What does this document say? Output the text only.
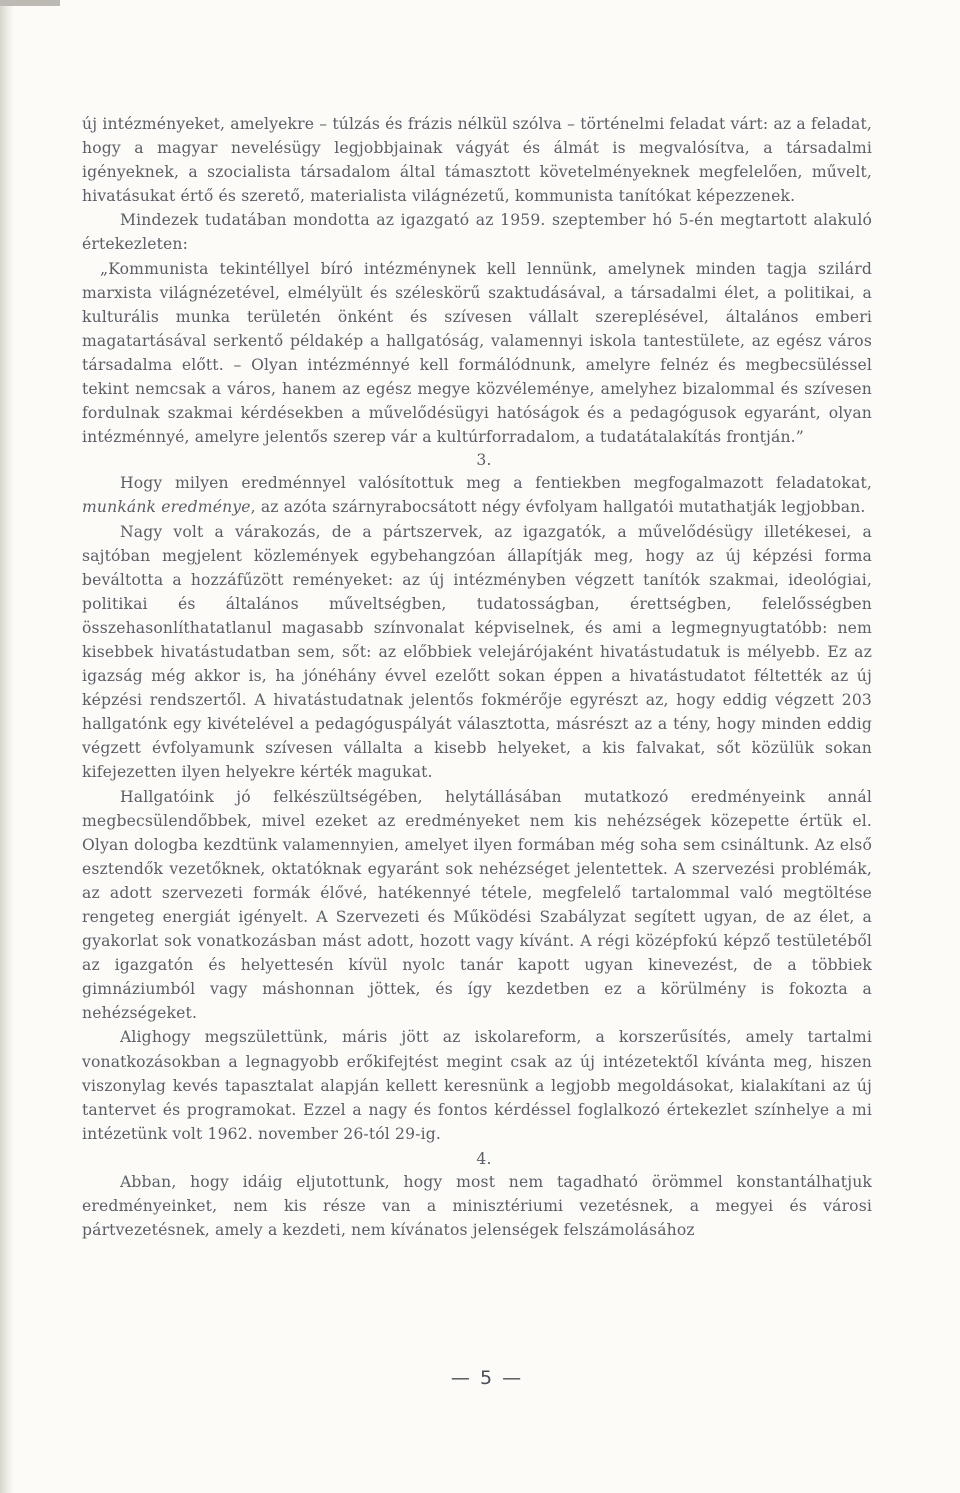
új intézményeket, amelyekre – túlzás és frázis nélkül szólva – történelmi feladat várt: az a feladat, hogy a magyar nevelésügy legjobbjainak vágyát és álmát is megvalósítva, a társadalmi igényeknek, a szocialista társadalom által támasztott követelményeknek megfelelően, művelt, hivatásukat értő és szerető, materialista világnézetű, kommunista tanítókat képezzenek.

Mindezek tudatában mondotta az igazgató az 1959. szeptember hó 5-én megtartott alakuló értekezleten:

„Kommunista tekintéllyel bíró intézménynek kell lennünk, amelynek minden tagja szilárd marxista világnézetével, elmélyült és széleskörű szaktudásával, a társadalmi élet, a politikai, a kulturális munka területén önként és szívesen vállalt szereplésével, általános emberi magatartásával serkentő példakép a hallgatóság, valamennyi iskola tantestülete, az egész város társadalma előtt. – Olyan intézménnyé kell formálódnunk, amelyre felnéz és megbecsüléssel tekint nemcsak a város, hanem az egész megye közvéleménye, amelyhez bizalommal és szívesen fordulnak szakmai kérdésekben a művelődésügyi hatóságok és a pedagógusok egyaránt, olyan intézménnyé, amelyre jelentős szerep vár a kultúrforradalom, a tudatátalakítás frontján.”

3.

Hogy milyen eredménnyel valósítottuk meg a fentiekben megfogalmazott feladatokat, munkánk eredménye, az azóta szárnyrabocsátott négy évfolyam hallgatói mutathatják legjobban.

Nagy volt a várakozás, de a pártszervek, az igazgatók, a művelődésügy illetékesei, a sajtóban megjelent közlemények egybehangzóan állapítják meg, hogy az új képzési forma beváltotta a hozzáfűzött reményeket: az új intézményben végzett tanítók szakmai, ideológiai, politikai és általános műveltségben, tudatosságban, érettségben, felelősségben összehasonlíthatatlanul magasabb színvonalat képviselnek, és ami a legmegnyugtatóbb: nem kisebbek hivatástudatban sem, sőt: az előbbiek velejárójaként hivatástudatuk is mélyebb. Ez az igazság még akkor is, ha jónéhány évvel ezelőtt sokan éppen a hivatástudatot féltették az új képzési rendszertől. A hivatástudatnak jelentős fokmérője egyrészt az, hogy eddig végzett 203 hallgatónk egy kivételével a pedagóguspályát választotta, másrészt az a tény, hogy minden eddig végzett évfolyamunk szívesen vállalta a kisebb helyeket, a kis falvakat, sőt közülük sokan kifejezetten ilyen helyekre kérték magukat.

Hallgatóink jó felkészültségében, helytállásában mutatkozó eredményeink annál megbecsülendőbbek, mivel ezeket az eredményeket nem kis nehézségek közepette értük el. Olyan dologba kezdtünk valamennyien, amelyet ilyen formában még soha sem csináltunk. Az első esztendők vezetőknek, oktatóknak egyaránt sok nehézséget jelentettek. A szervezési problémák, az adott szervezeti formák élővé, hatékennyé tétele, megfelelő tartalommal való megtöltése rengeteg energiát igényelt. A Szervezeti és Működési Szabályzat segített ugyan, de az élet, a gyakorlat sok vonatkozásban mást adott, hozott vagy kívánt. A régi középfokú képző testületéből az igazgatón és helyettesén kívül nyolc tanár kapott ugyan kinevezést, de a többiek gimnáziumból vagy máshonnan jöttek, és így kezdetben ez a körülmény is fokozta a nehézségeket.

Alighogy megszülettünk, máris jött az iskolareform, a korszerűsítés, amely tartalmi vonatkozásokban a legnagyobb erőkifejtést megint csak az új intézetektől kívánta meg, hiszen viszonylag kevés tapasztalat alapján kellett keresnünk a legjobb megoldásokat, kialakítani az új tantervet és programokat. Ezzel a nagy és fontos kérdéssel foglalkozó értekezlet színhelye a mi intézetünk volt 1962. november 26-tól 29-ig.

4.

Abban, hogy idáig eljutottunk, hogy most nem tagadható örömmel konstantálhatjuk eredményeinket, nem kis része van a minisztériumi vezetésnek, a megyei és városi pártvezetésnek, amely a kezdeti, nem kívánatos jelenségek felszámolásához

— 5 —
